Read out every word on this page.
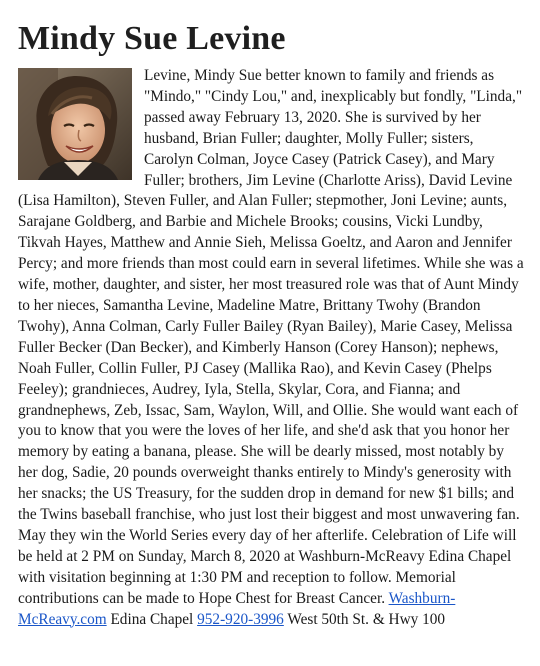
Mindy Sue Levine

Levine, Mindy Sue better known to family and friends as "Mindo," "Cindy Lou," and, inexplicably but fondly, "Linda," passed away February 13, 2020. She is survived by her husband, Brian Fuller; daughter, Molly Fuller; sisters, Carolyn Colman, Joyce Casey (Patrick Casey), and Mary Fuller; brothers, Jim Levine (Charlotte Ariss), David Levine (Lisa Hamilton), Steven Fuller, and Alan Fuller; stepmother, Joni Levine; aunts, Sarajane Goldberg, and Barbie and Michele Brooks; cousins, Vicki Lundby, Tikvah Hayes, Matthew and Annie Sieh, Melissa Goeltz, and Aaron and Jennifer Percy; and more friends than most could earn in several lifetimes. While she was a wife, mother, daughter, and sister, her most treasured role was that of Aunt Mindy to her nieces, Samantha Levine, Madeline Matre, Brittany Twohy (Brandon Twohy), Anna Colman, Carly Fuller Bailey (Ryan Bailey), Marie Casey, Melissa Fuller Becker (Dan Becker), and Kimberly Hanson (Corey Hanson); nephews, Noah Fuller, Collin Fuller, PJ Casey (Mallika Rao), and Kevin Casey (Phelps Feeley); grandnieces, Audrey, Iyla, Stella, Skylar, Cora, and Fianna; and grandnephews, Zeb, Issac, Sam, Waylon, Will, and Ollie. She would want each of you to know that you were the loves of her life, and she'd ask that you honor her memory by eating a banana, please. She will be dearly missed, most notably by her dog, Sadie, 20 pounds overweight thanks entirely to Mindy's generosity with her snacks; the US Treasury, for the sudden drop in demand for new $1 bills; and the Twins baseball franchise, who just lost their biggest and most unwavering fan. May they win the World Series every day of her afterlife. Celebration of Life will be held at 2 PM on Sunday, March 8, 2020 at Washburn-McReavy Edina Chapel with visitation beginning at 1:30 PM and reception to follow. Memorial contributions can be made to Hope Chest for Breast Cancer. Washburn-McReavy.com Edina Chapel 952-920-3996 West 50th St. & Hwy 100
